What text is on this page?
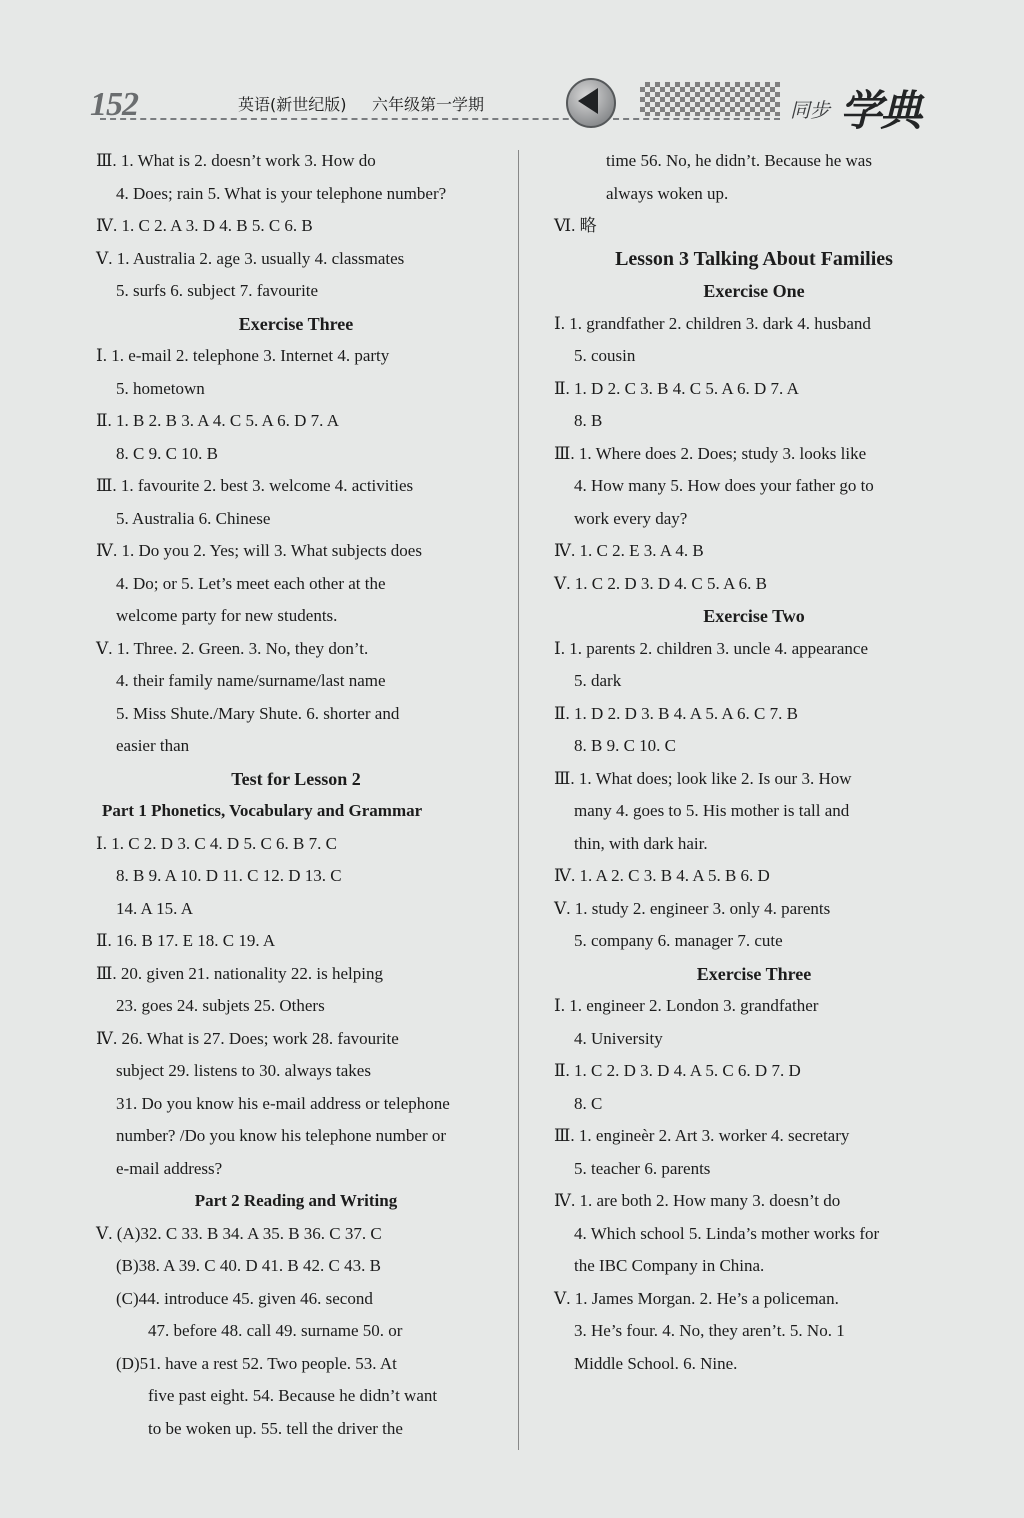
152	英语(新世纪版) 六年级第一学期	同步 学典
Ⅲ. 1. What is 2. doesn’t work 3. How do
4. Does; rain 5. What is your telephone number?
Ⅳ. 1. C 2. A 3. D 4. B 5. C 6. B
Ⅴ. 1. Australia 2. age 3. usually 4. classmates
5. surfs 6. subject 7. favourite
Exercise Three
Ⅰ. 1. e-mail 2. telephone 3. Internet 4. party
5. hometown
Ⅱ. 1. B 2. B 3. A 4. C 5. A 6. D 7. A
8. C 9. C 10. B
Ⅲ. 1. favourite 2. best 3. welcome 4. activities
5. Australia 6. Chinese
Ⅳ. 1. Do you 2. Yes; will 3. What subjects does
4. Do; or 5. Let’s meet each other at the
welcome party for new students.
Ⅴ. 1. Three. 2. Green. 3. No, they don’t.
4. their family name/surname/last name
5. Miss Shute./Mary Shute. 6. shorter and
easier than
Test for Lesson 2
Part 1 Phonetics, Vocabulary and Grammar
Ⅰ. 1. C 2. D 3. C 4. D 5. C 6. B 7. C
8. B 9. A 10. D 11. C 12. D 13. C
14. A 15. A
Ⅱ. 16. B 17. E 18. C 19. A
Ⅲ. 20. given 21. nationality 22. is helping
23. goes 24. subjets 25. Others
Ⅳ. 26. What is 27. Does; work 28. favourite
subject 29. listens to 30. always takes
31. Do you know his e-mail address or telephone
number? /Do you know his telephone number or
e-mail address?
Part 2 Reading and Writing
Ⅴ. (A)32. C 33. B 34. A 35. B 36. C 37. C
(B)38. A 39. C 40. D 41. B 42. C 43. B
(C)44. introduce 45. given 46. second
47. before 48. call 49. surname 50. or
(D)51. have a rest 52. Two people. 53. At
five past eight. 54. Because he didn’t want
to be woken up. 55. tell the driver the
time 56. No, he didn’t. Because he was
always woken up.
Ⅵ. 略
Lesson 3 Talking About Families
Exercise One
Ⅰ. 1. grandfather 2. children 3. dark 4. husband
5. cousin
Ⅱ. 1. D 2. C 3. B 4. C 5. A 6. D 7. A
8. B
Ⅲ. 1. Where does 2. Does; study 3. looks like
4. How many 5. How does your father go to
work every day?
Ⅳ. 1. C 2. E 3. A 4. B
Ⅴ. 1. C 2. D 3. D 4. C 5. A 6. B
Exercise Two
Ⅰ. 1. parents 2. children 3. uncle 4. appearance
5. dark
Ⅱ. 1. D 2. D 3. B 4. A 5. A 6. C 7. B
8. B 9. C 10. C
Ⅲ. 1. What does; look like 2. Is our 3. How
many 4. goes to 5. His mother is tall and
thin, with dark hair.
Ⅳ. 1. A 2. C 3. B 4. A 5. B 6. D
Ⅴ. 1. study 2. engineer 3. only 4. parents
5. company 6. manager 7. cute
Exercise Three
Ⅰ. 1. engineer 2. London 3. grandfather
4. University
Ⅱ. 1. C 2. D 3. D 4. A 5. C 6. D 7. D
8. C
Ⅲ. 1. engineèr 2. Art 3. worker 4. secretary
5. teacher 6. parents
Ⅳ. 1. are both 2. How many 3. doesn’t do
4. Which school 5. Linda’s mother works for
the IBC Company in China.
Ⅴ. 1. James Morgan. 2. He’s a policeman.
3. He’s four. 4. No, they aren’t. 5. No. 1
Middle School. 6. Nine.
